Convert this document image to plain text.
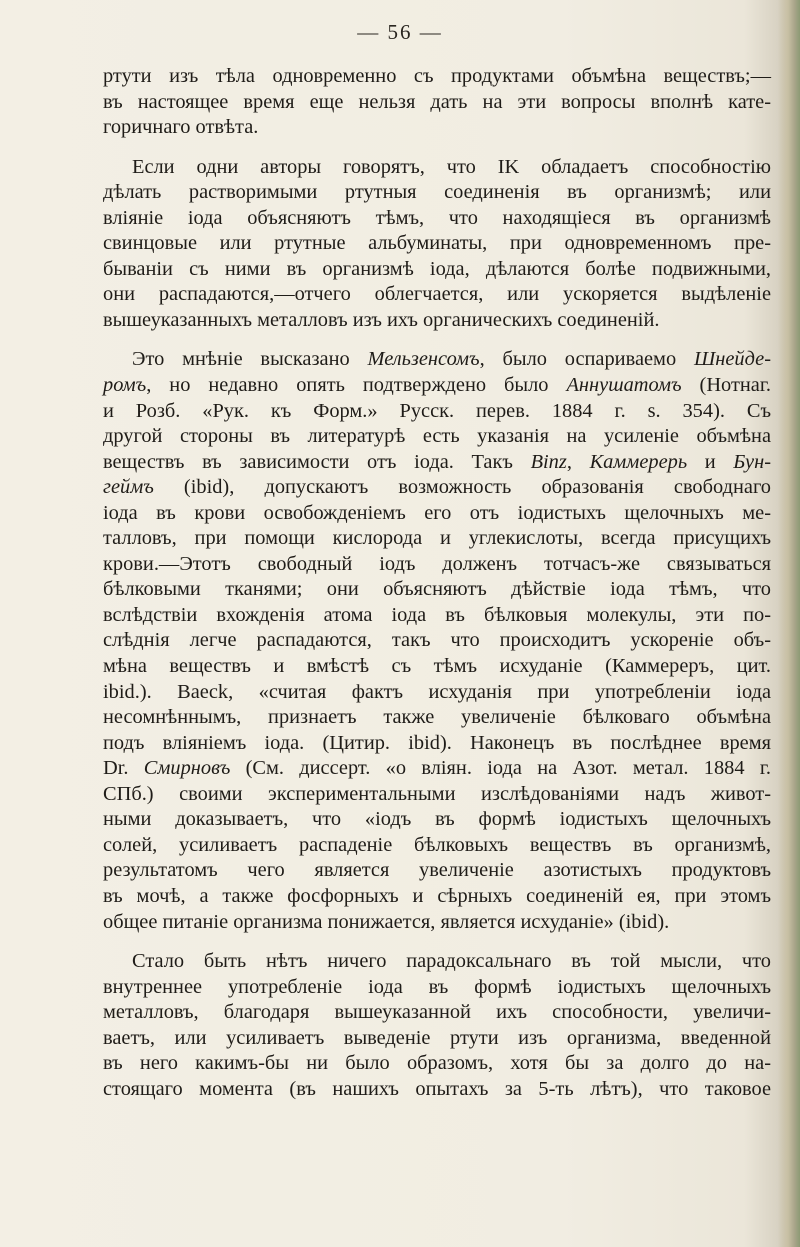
— 56 —
ртути изъ тѣла одновременно съ продуктами объмѣна веществъ;—
въ настоящее время еще нельзя дать на эти вопросы вполнѣ кате-
горичнаго отвѣта.
Если одни авторы говорятъ, что IK обладаетъ способностію
дѣлать растворимыми ртутныя соединенія въ организмѣ; или
вліяніе іода объясняютъ тѣмъ, что находящіеся въ организмѣ
свинцовые или ртутные альбуминаты, при одновременномъ пре-
быванiи съ ними въ организмѣ іода, дѣлаются болѣе подвижными,
они распадаются,—отчего облегчается, или ускоряется выдѣленіе
вышеуказанныхъ металловъ изъ ихъ органическихъ соединеній.
Это мнѣніе высказано Мельзенсомъ, было оспариваемо Шнейде-
ромъ, но недавно опять подтверждено было Аннушатомъ (Нотнаг.
и Розб. «Рук. къ Форм.» Русск. перев. 1884 г. s. 354). Съ
другой стороны въ литературѣ есть указанія на усиленіе объмѣна
веществъ въ зависимости отъ іода. Такъ Binz, Каммерерь и Бун-
геймъ (ibid), допускаютъ возможность образованія свободнаго
іода въ крови освобожденіемъ его отъ іодистыхъ щелочныхъ ме-
талловъ, при помощи кислорода и углекислоты, всегда присущихъ
крови.—Этотъ свободный іодъ долженъ тотчасъ-же связываться
бѣлковыми тканями; они объясняютъ дѣйствіе іода тѣмъ, что
вслѣдствіи вхожденія атома іода въ бѣлковыя молекулы, эти по-
слѣднія легче распадаются, такъ что происходитъ ускореніе объ-
мѣна веществъ и вмѣстѣ съ тѣмъ исхуданіе (Каммереръ, цит.
ibid.). Baeck, «считая фактъ исхуданія при употребленіи іода
несомнѣннымъ, признаетъ также увеличеніе бѣлковаго объмѣна
подъ вліяніемъ іода. (Цитир. ibid). Наконецъ въ послѣднее время
Dr. Смирновъ (См. диссерт. «о вліян. іода на Азот. метал. 1884 г.
СПб.) своими экспериментальными изслѣдованіями надъ живот-
ными доказываетъ, что «іодъ въ формѣ іодистыхъ щелочныхъ
солей, усиливаетъ распаденіе бѣлковыхъ веществъ въ организмѣ,
результатомъ чего является увеличеніе азотистыхъ продуктовъ
въ мочѣ, а также фосфорныхъ и сѣрныхъ соединеній ея, при этомъ
общее питаніе организма понижается, является исхуданіе» (ibid).
Стало быть нѣтъ ничего парадоксальнаго въ той мысли, что
внутреннее употребленіе іода въ формѣ іодистыхъ щелочныхъ
металловъ, благодаря вышеуказанной ихъ способности, увеличи-
ваетъ, или усиливаетъ выведеніе ртути изъ организма, введенной
въ него какимъ-бы ни было образомъ, хотя бы за долго до на-
стоящаго момента (въ нашихъ опытахъ за 5-ть лѣтъ), что таковое
